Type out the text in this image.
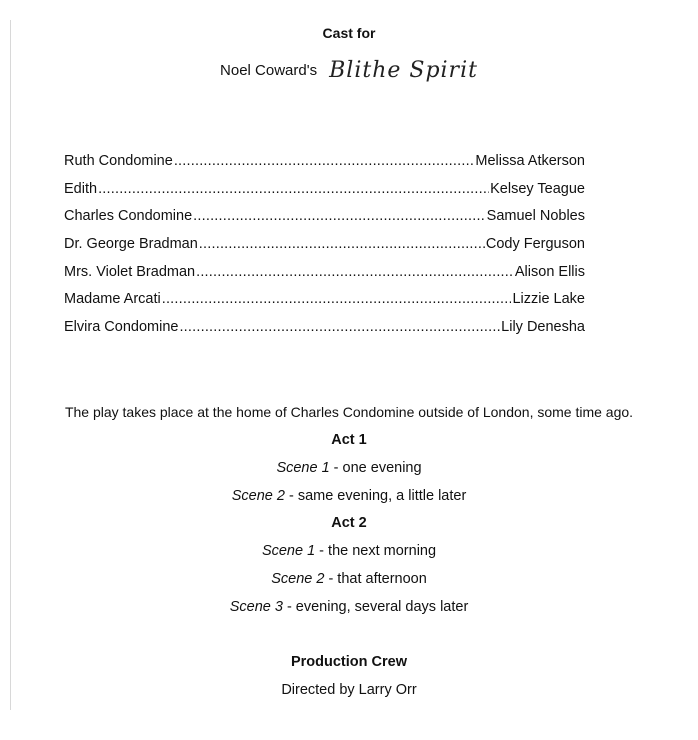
Cast for
Noel Coward's Blithe Spirit
Ruth Condomine .....	Melissa Atkerson
Edith .....	Kelsey Teague
Charles Condomine .....	Samuel Nobles
Dr. George Bradman .....	Cody Ferguson
Mrs. Violet Bradman .....	Alison Ellis
Madame Arcati .....	Lizzie Lake
Elvira Condomine .....	Lily Denesha
The play takes place at the home of Charles Condomine outside of London, some time ago.
Act 1
Scene 1 - one evening
Scene 2 - same evening, a little later
Act 2
Scene 1 - the next morning
Scene 2 - that afternoon
Scene 3 - evening, several days later
Production Crew
Directed by Larry Orr
